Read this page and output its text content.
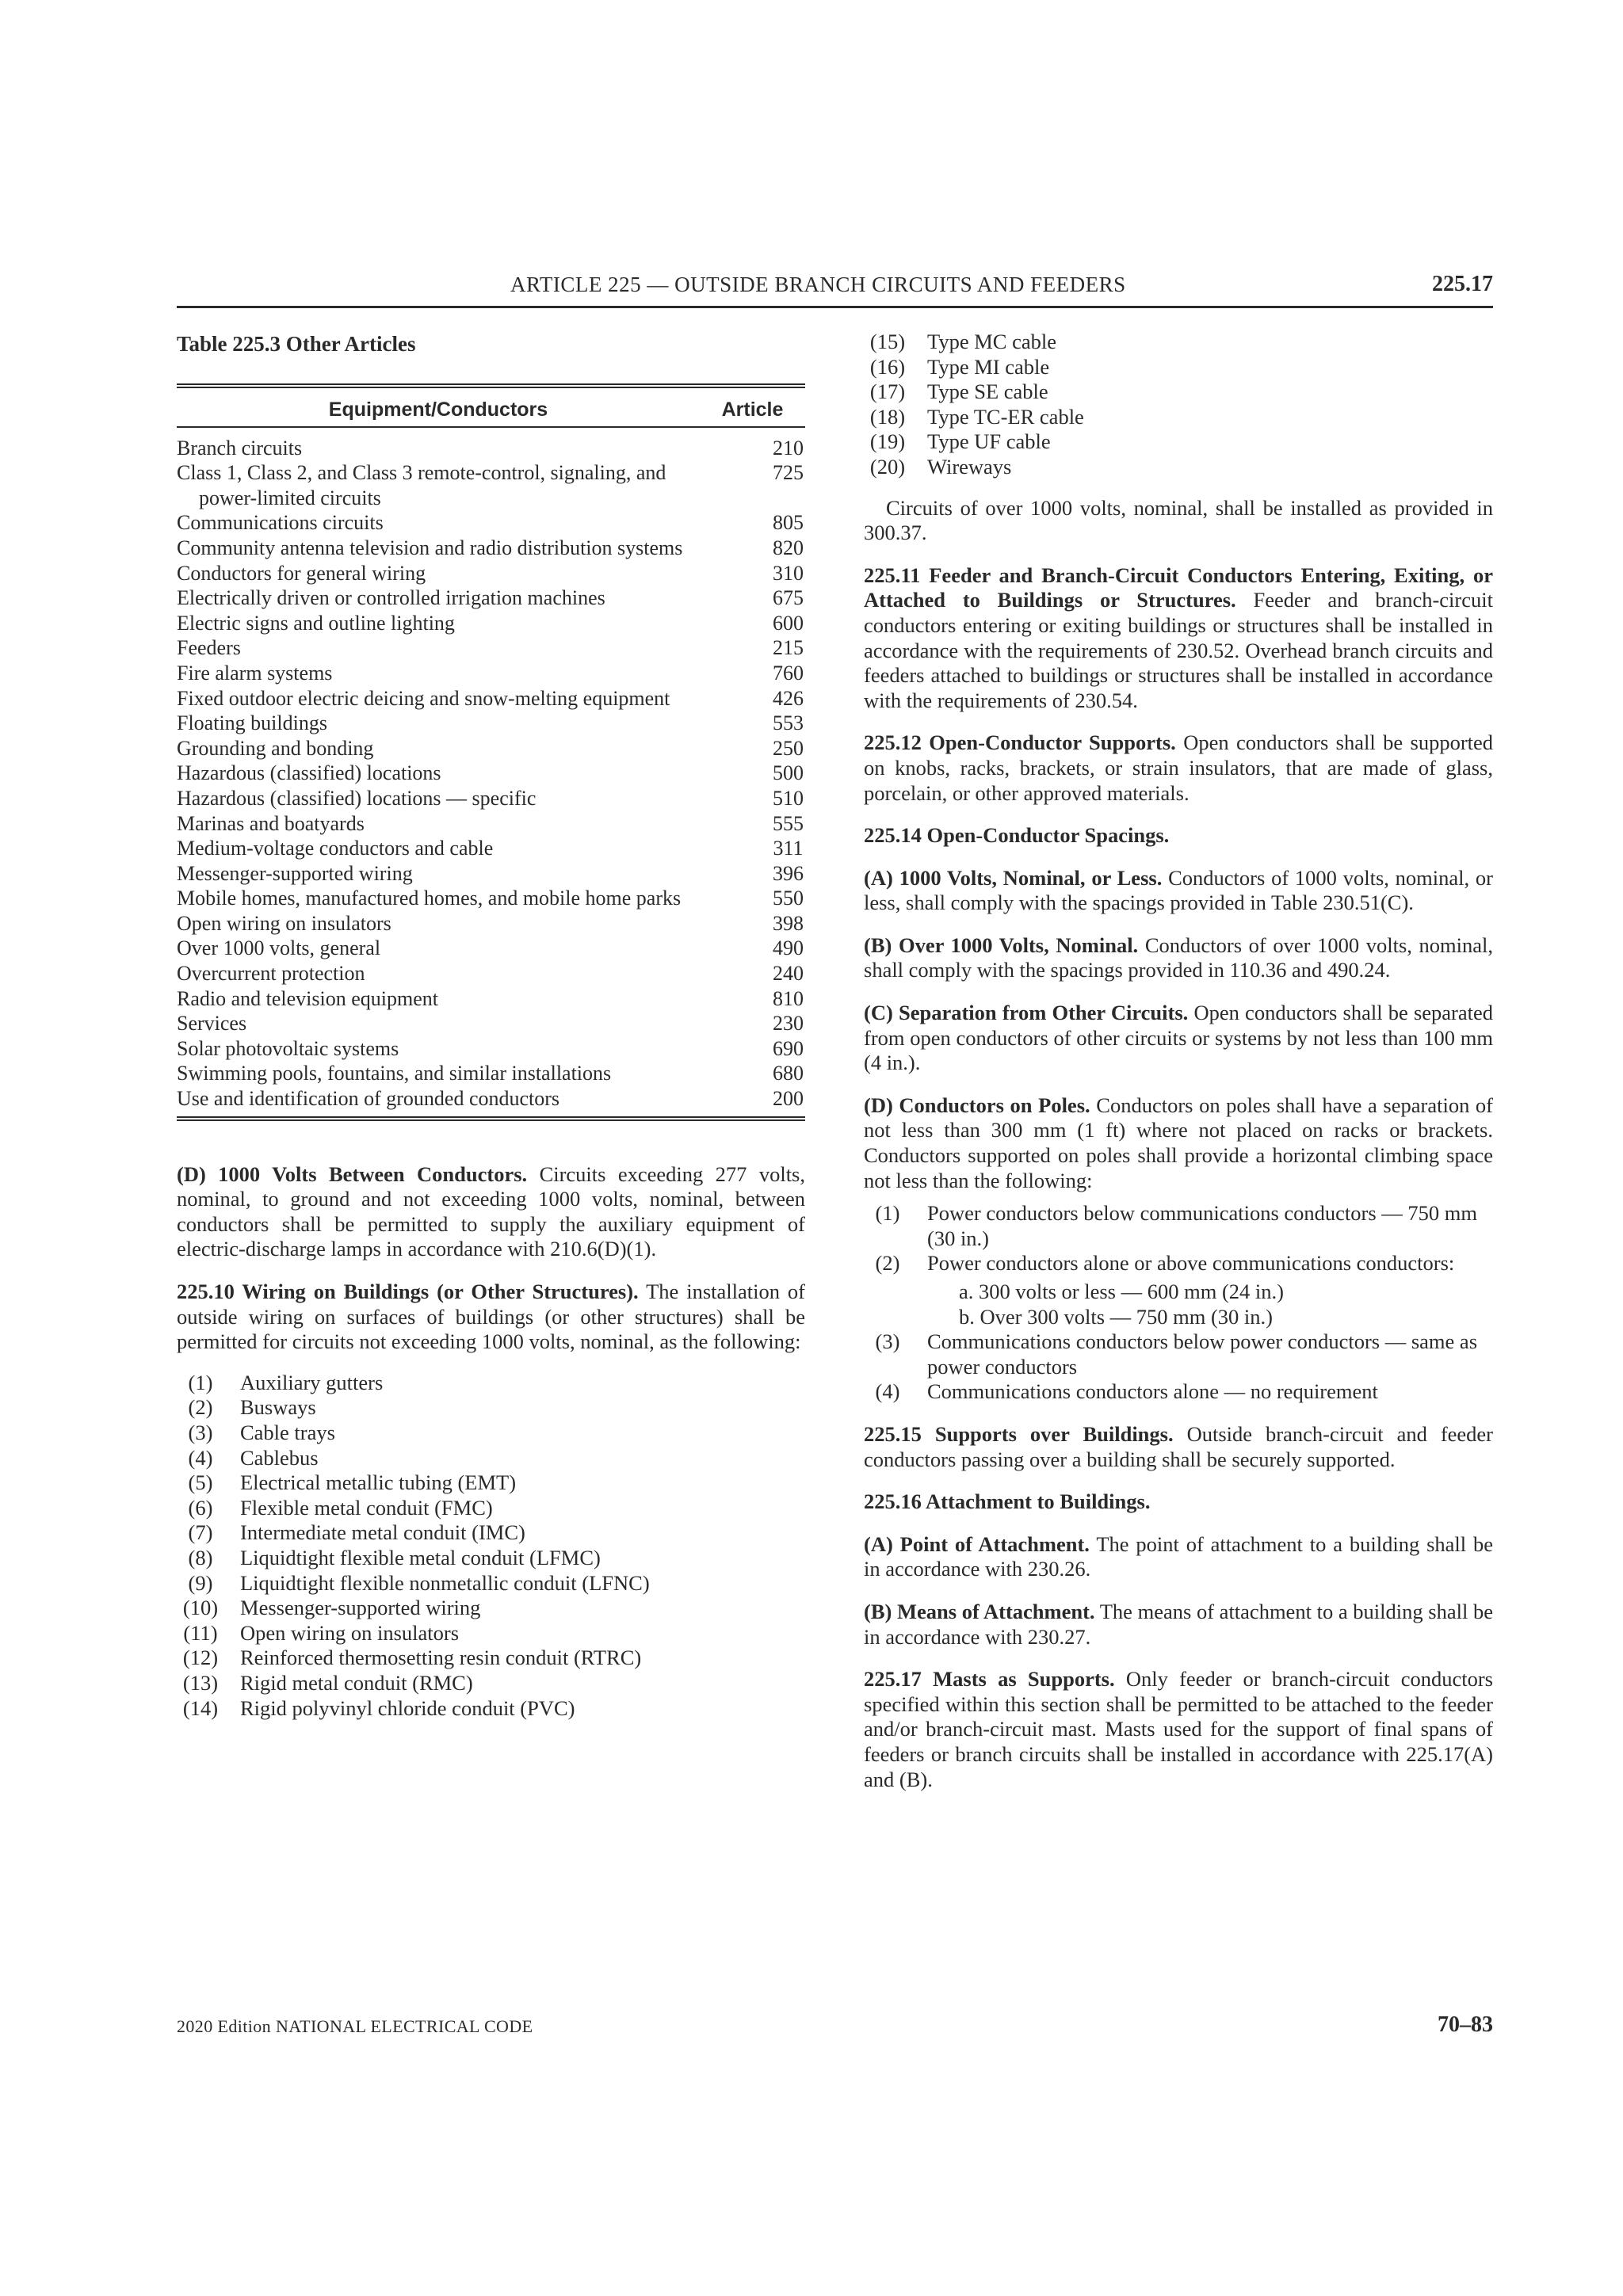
ARTICLE 225 — OUTSIDE BRANCH CIRCUITS AND FEEDERS	225.17
Table 225.3 Other Articles
Equipment/Conductors	Article
Branch circuits	210
Class 1, Class 2, and Class 3 remote-control, signaling, and power-limited circuits	725
Communications circuits	805
Community antenna television and radio distribution systems	820
Conductors for general wiring	310
Electrically driven or controlled irrigation machines	675
Electric signs and outline lighting	600
Feeders	215
Fire alarm systems	760
Fixed outdoor electric deicing and snow-melting equipment	426
Floating buildings	553
Grounding and bonding	250
Hazardous (classified) locations	500
Hazardous (classified) locations — specific	510
Marinas and boatyards	555
Medium-voltage conductors and cable	311
Messenger-supported wiring	396
Mobile homes, manufactured homes, and mobile home parks	550
Open wiring on insulators	398
Over 1000 volts, general	490
Overcurrent protection	240
Radio and television equipment	810
Services	230
Solar photovoltaic systems	690
Swimming pools, fountains, and similar installations	680
Use and identification of grounded conductors	200

(D) 1000 Volts Between Conductors. Circuits exceeding 277 volts, nominal, to ground and not exceeding 1000 volts, nominal, between conductors shall be permitted to supply the auxiliary equipment of electric-discharge lamps in accordance with 210.6(D)(1).

225.10 Wiring on Buildings (or Other Structures). The installation of outside wiring on surfaces of buildings (or other structures) shall be permitted for circuits not exceeding 1000 volts, nominal, as the following:

(1)	Auxiliary gutters
(2)	Busways
(3)	Cable trays
(4)	Cablebus
(5)	Electrical metallic tubing (EMT)
(6)	Flexible metal conduit (FMC)
(7)	Intermediate metal conduit (IMC)
(8)	Liquidtight flexible metal conduit (LFMC)
(9)	Liquidtight flexible nonmetallic conduit (LFNC)
(10) Messenger-supported wiring
(11)	Open wiring on insulators
(12) Reinforced thermosetting resin conduit (RTRC)
(13) Rigid metal conduit (RMC)
(14) Rigid polyvinyl chloride conduit (PVC)
(15) Type MC cable
(16) Type MI cable
(17) Type SE cable
(18) Type TC-ER cable
(19) Type UF cable
(20) Wireways

Circuits of over 1000 volts, nominal, shall be installed as provided in 300.37.

225.11 Feeder and Branch-Circuit Conductors Entering, Exiting, or Attached to Buildings or Structures. Feeder and branch-circuit conductors entering or exiting buildings or structures shall be installed in accordance with the requirements of 230.52. Overhead branch circuits and feeders attached to buildings or structures shall be installed in accordance with the requirements of 230.54.

225.12 Open-Conductor Supports. Open conductors shall be supported on knobs, racks, brackets, or strain insulators, that are made of glass, porcelain, or other approved materials.

225.14 Open-Conductor Spacings.

(A) 1000 Volts, Nominal, or Less. Conductors of 1000 volts, nominal, or less, shall comply with the spacings provided in Table 230.51(C).

(B) Over 1000 Volts, Nominal. Conductors of over 1000 volts, nominal, shall comply with the spacings provided in 110.36 and 490.24.

(C) Separation from Other Circuits. Open conductors shall be separated from open conductors of other circuits or systems by not less than 100 mm (4 in.).

(D) Conductors on Poles. Conductors on poles shall have a separation of not less than 300 mm (1 ft) where not placed on racks or brackets. Conductors supported on poles shall provide a horizontal climbing space not less than the following:

(1)	Power conductors below communications conductors — 750 mm (30 in.)
(2)	Power conductors alone or above communications conductors:
a. 300 volts or less — 600 mm (24 in.)
b. Over 300 volts — 750 mm (30 in.)
(3)	Communications conductors below power conductors — same as power conductors
(4)	Communications conductors alone — no requirement

225.15 Supports over Buildings. Outside branch-circuit and feeder conductors passing over a building shall be securely supported.

225.16 Attachment to Buildings.

(A) Point of Attachment. The point of attachment to a building shall be in accordance with 230.26.

(B) Means of Attachment. The means of attachment to a building shall be in accordance with 230.27.

225.17 Masts as Supports. Only feeder or branch-circuit conductors specified within this section shall be permitted to be attached to the feeder and/or branch-circuit mast. Masts used for the support of final spans of feeders or branch circuits shall be installed in accordance with 225.17(A) and (B).

2020 Edition NATIONAL ELECTRICAL CODE	70–83
